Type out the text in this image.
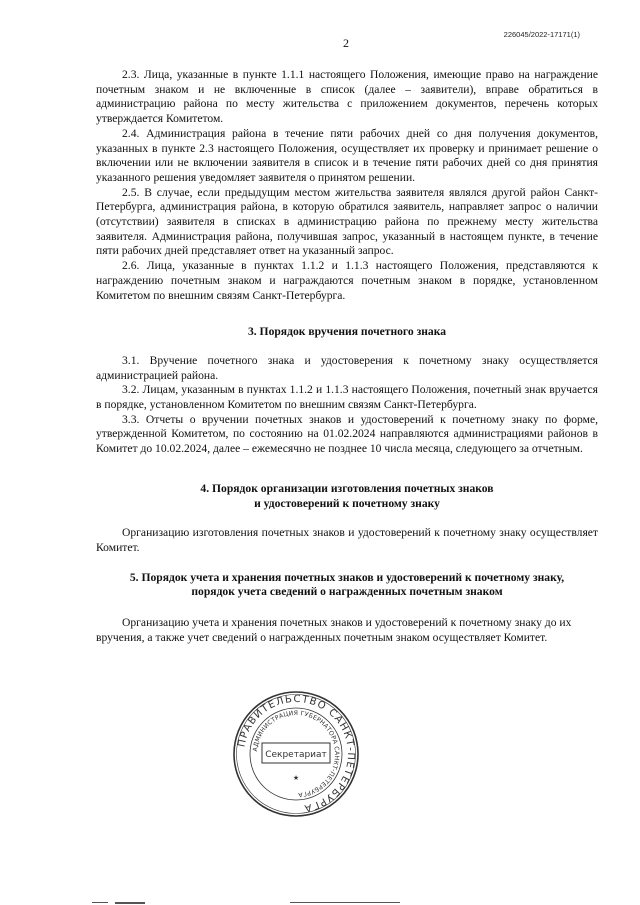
226045/2022-17171(1)
2

2.3. Лица, указанные в пункте 1.1.1 настоящего Положения, имеющие право на награждение почетным знаком и не включенные в список (далее – заявители), вправе обратиться в администрацию района по месту жительства с приложением документов, перечень которых утверждается Комитетом.

2.4. Администрация района в течение пяти рабочих дней со дня получения документов, указанных в пункте 2.3 настоящего Положения, осуществляет их проверку и принимает решение о включении или не включении заявителя в список и в течение пяти рабочих дней со дня принятия указанного решения уведомляет заявителя о принятом решении.

2.5. В случае, если предыдущим местом жительства заявителя являлся другой район Санкт-Петербурга, администрация района, в которую обратился заявитель, направляет запрос о наличии (отсутствии) заявителя в списках в администрацию района по прежнему месту жительства заявителя. Администрация района, получившая запрос, указанный в настоящем пункте, в течение пяти рабочих дней представляет ответ на указанный запрос.

2.6. Лица, указанные в пунктах 1.1.2 и 1.1.3 настоящего Положения, представляются к награждению почетным знаком и награждаются почетным знаком в порядке, установленном Комитетом по внешним связям Санкт-Петербурга.

3. Порядок вручения почетного знака

3.1. Вручение почетного знака и удостоверения к почетному знаку осуществляется администрацией района.

3.2. Лицам, указанным в пунктах 1.1.2 и 1.1.3 настоящего Положения, почетный знак вручается в порядке, установленном Комитетом по внешним связям Санкт-Петербурга.

3.3. Отчеты о вручении почетных знаков и удостоверений к почетному знаку по форме, утвержденной Комитетом, по состоянию на 01.02.2024 направляются администрациями районов в Комитет до 10.02.2024, далее – ежемесячно не позднее 10 числа месяца, следующего за отчетным.

4. Порядок организации изготовления почетных знаков
и удостоверений к почетному знаку

Организацию изготовления почетных знаков и удостоверений к почетному знаку осуществляет Комитет.

5. Порядок учета и хранения почетных знаков и удостоверений к почетному знаку,
порядок учета сведений о награжденных почетным знаком

Организацию учета и хранения почетных знаков и удостоверений к почетному знаку до их вручения, а также учет сведений о награжденных почетным знаком осуществляет Комитет.

ПРАВИТЕЛЬСТВО САНКТ-ПЕТЕРБУРГА
АДМИНИСТРАЦИЯ ГУБЕРНАТОРА САНКТ-ПЕТЕРБУРГА
Секретариат
★
